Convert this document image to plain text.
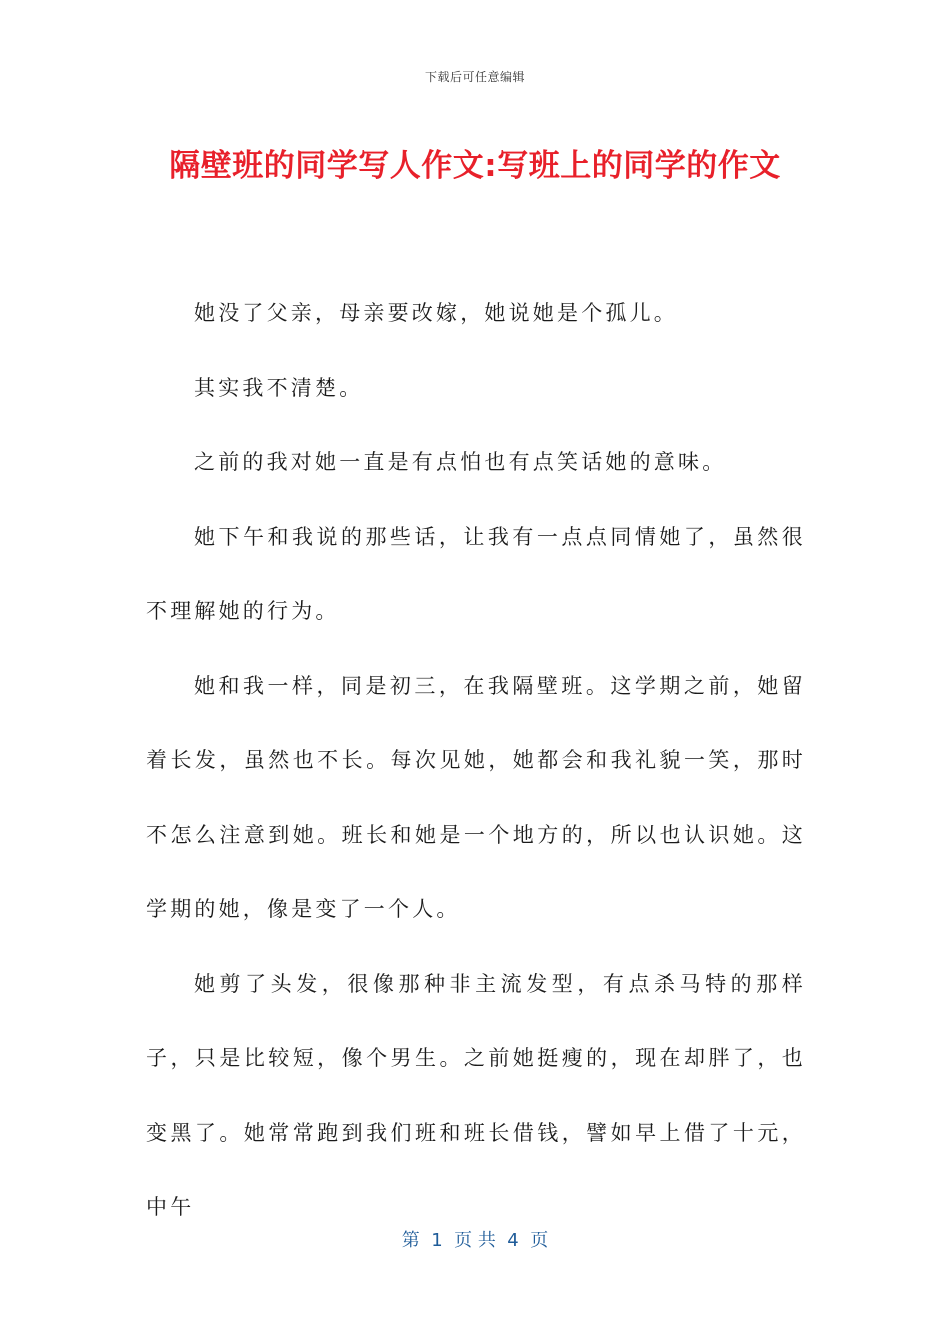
下载后可任意编辑
隔壁班的同学写人作文:写班上的同学的作文

她没了父亲，母亲要改嫁，她说她是个孤儿。

其实我不清楚。

之前的我对她一直是有点怕也有点笑话她的意味。

她下午和我说的那些话，让我有一点点同情她了，虽然很不理解她的行为。

她和我一样，同是初三，在我隔壁班。这学期之前，她留着长发，虽然也不长。每次见她，她都会和我礼貌一笑，那时不怎么注意到她。班长和她是一个地方的，所以也认识她。这学期的她，像是变了一个人。

她剪了头发，很像那种非主流发型，有点杀马特的那样子，只是比较短，像个男生。之前她挺瘦的，现在却胖了，也变黑了。她常常跑到我们班和班长借钱，譬如早上借了十元，中午

第  1  页 共  4  页
